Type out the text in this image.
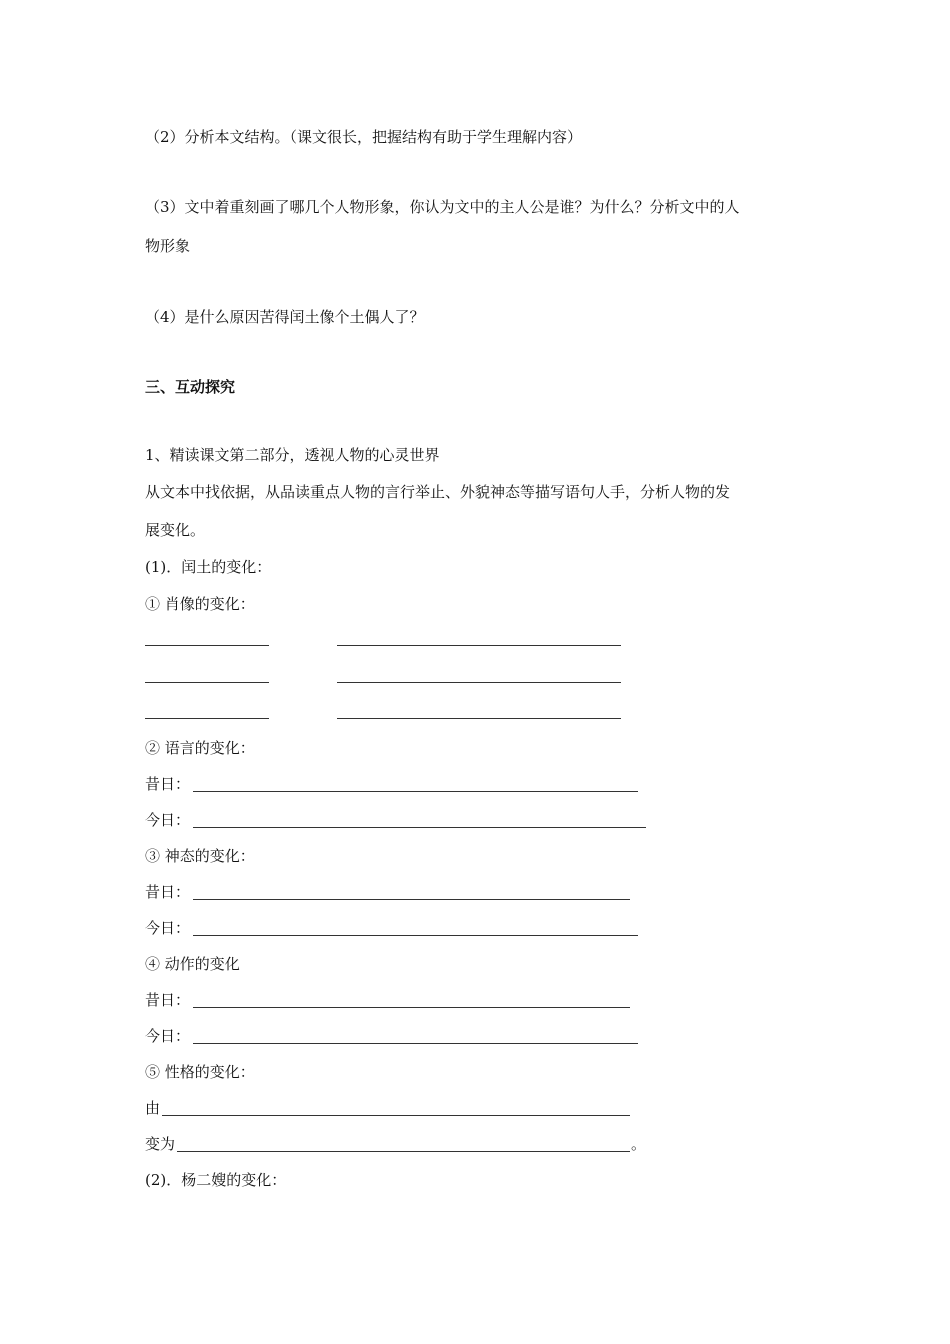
（2）分析本文结构。（课文很长，把握结构有助于学生理解内容）
（3）文中着重刻画了哪几个人物形象，你认为文中的主人公是谁？为什么？分析文中的人
物形象
（4）是什么原因苦得闰土像个土偶人了？
三、互动探究
1、精读课文第二部分，透视人物的心灵世界
从文本中找依据，从品读重点人物的言行举止、外貌神态等描写语句人手，分析人物的发
展变化。
(1)．闰土的变化：
① 肖像的变化：
② 语言的变化：
昔日：
今日：
③ 神态的变化：
昔日：
今日：
④ 动作的变化
昔日：
今日：
⑤ 性格的变化：
由
变为	。
(2)．杨二嫂的变化：
